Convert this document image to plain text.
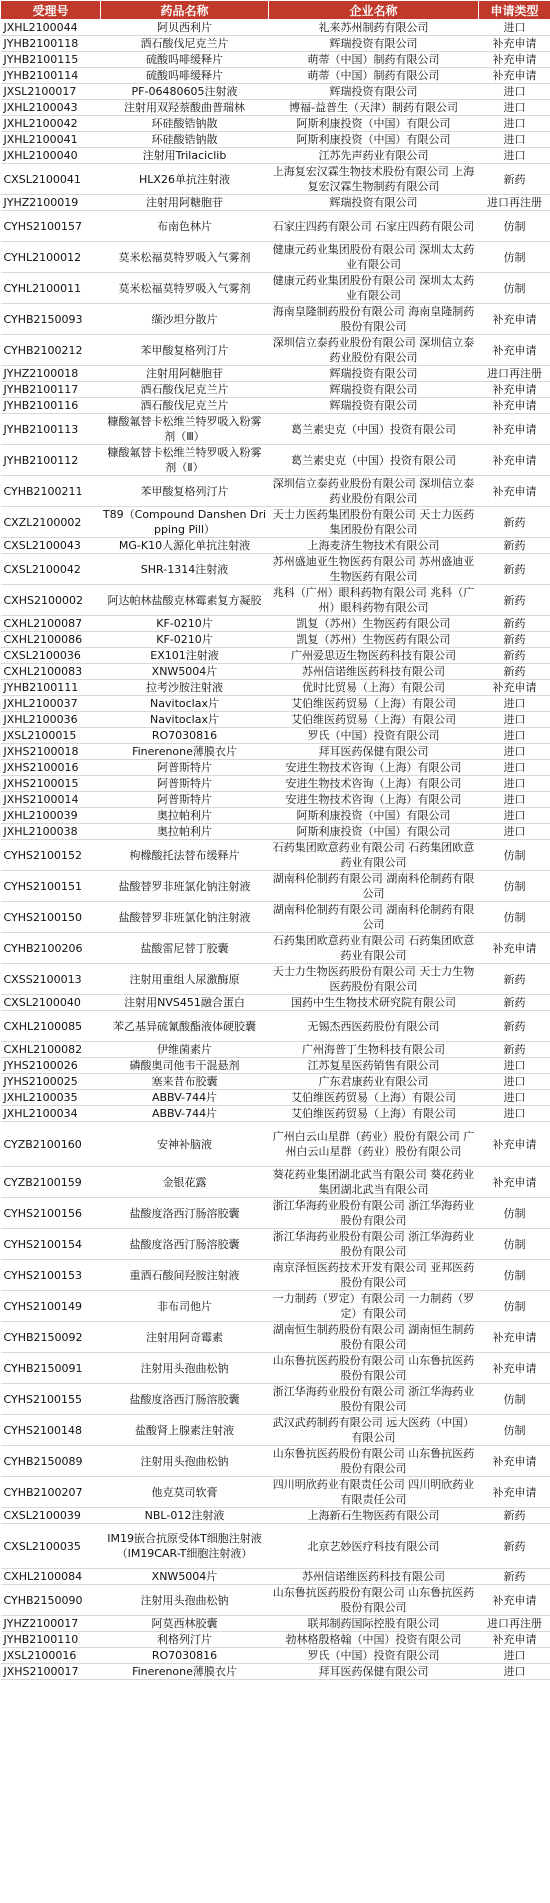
受理号	药品名称	企业名称	申请类型
JXHL2100044	阿贝西利片	礼来苏州制药有限公司	进口
JYHB2100118	酒石酸伐尼克兰片	辉瑞投资有限公司	补充申请
JYHB2100115	硫酸吗啡缓释片	萌蒂（中国）制药有限公司	补充申请
JYHB2100114	硫酸吗啡缓释片	萌蒂（中国）制药有限公司	补充申请
JXSL2100017	PF-06480605注射液	辉瑞投资有限公司	进口
JXHL2100043	注射用双羟萘酸曲普瑞林	博福-益普生（天津）制药有限公司	进口
JXHL2100042	环硅酸锆钠散	阿斯利康投资（中国）有限公司	进口
JXHL2100041	环硅酸锆钠散	阿斯利康投资（中国）有限公司	进口
JXHL2100040	注射用Trilaciclib	江苏先声药业有限公司	进口
CXSL2100041	HLX26单抗注射液	上海复宏汉霖生物技术股份有限公司 上海复宏汉霖生物制药有限公司	新药
JYHZ2100019	注射用阿糖胞苷	辉瑞投资有限公司	进口再注册
CYHS2100157	布南色林片	石家庄四药有限公司 石家庄四药有限公司	仿制
CYHL2100012	莫米松福莫特罗吸入气雾剂	健康元药业集团股份有限公司 深圳太太药业有限公司	仿制
CYHL2100011	莫米松福莫特罗吸入气雾剂	健康元药业集团股份有限公司 深圳太太药业有限公司	仿制
CYHB2150093	缬沙坦分散片	海南皇隆制药股份有限公司 海南皇隆制药股份有限公司	补充申请
CYHB2100212	苯甲酸复格列汀片	深圳信立泰药业股份有限公司 深圳信立泰药业股份有限公司	补充申请
JYHZ2100018	注射用阿糖胞苷	辉瑞投资有限公司	进口再注册
JYHB2100117	酒石酸伐尼克兰片	辉瑞投资有限公司	补充申请
JYHB2100116	酒石酸伐尼克兰片	辉瑞投资有限公司	补充申请
JYHB2100113	糠酸氟替卡松维兰特罗吸入粉雾剂（Ⅲ）	葛兰素史克（中国）投资有限公司	补充申请
JYHB2100112	糠酸氟替卡松维兰特罗吸入粉雾剂（Ⅱ）	葛兰素史克（中国）投资有限公司	补充申请
CYHB2100211	苯甲酸复格列汀片	深圳信立泰药业股份有限公司 深圳信立泰药业股份有限公司	补充申请
CXZL2100002	T89（Compound Danshen Dripping Pill）	天士力医药集团股份有限公司 天士力医药集团股份有限公司	新药
CXSL2100043	MG-K10人源化单抗注射液	上海麦济生物技术有限公司	新药
CXSL2100042	SHR-1314注射液	苏州盛迪亚生物医药有限公司 苏州盛迪亚生物医药有限公司	新药
CXHS2100002	阿达帕林盐酸克林霉素复方凝胶	兆科（广州）眼科药物有限公司 兆科（广州）眼科药物有限公司	新药
CXHL2100087	KF-0210片	凯复（苏州）生物医药有限公司	新药
CXHL2100086	KF-0210片	凯复（苏州）生物医药有限公司	新药
CXSL2100036	EX101注射液	广州爱思迈生物医药科技有限公司	新药
CXHL2100083	XNW5004片	苏州信诺维医药科技有限公司	新药
JYHB2100111	拉考沙胺注射液	优时比贸易（上海）有限公司	补充申请
JXHL2100037	Navitoclax片	艾伯维医药贸易（上海）有限公司	进口
JXHL2100036	Navitoclax片	艾伯维医药贸易（上海）有限公司	进口
JXSL2100015	RO7030816	罗氏（中国）投资有限公司	进口
JXHS2100018	Finerenone薄膜衣片	拜耳医药保健有限公司	进口
JXHS2100016	阿普斯特片	安进生物技术咨询（上海）有限公司	进口
JXHS2100015	阿普斯特片	安进生物技术咨询（上海）有限公司	进口
JXHS2100014	阿普斯特片	安进生物技术咨询（上海）有限公司	进口
JXHL2100039	奥拉帕利片	阿斯利康投资（中国）有限公司	进口
JXHL2100038	奥拉帕利片	阿斯利康投资（中国）有限公司	进口
CYHS2100152	枸橼酸托法替布缓释片	石药集团欧意药业有限公司 石药集团欧意药业有限公司	仿制
CYHS2100151	盐酸替罗非班氯化钠注射液	湖南科伦制药有限公司 湖南科伦制药有限公司	仿制
CYHS2100150	盐酸替罗非班氯化钠注射液	湖南科伦制药有限公司 湖南科伦制药有限公司	仿制
CYHB2100206	盐酸雷尼替丁胶囊	石药集团欧意药业有限公司 石药集团欧意药业有限公司	补充申请
CXSS2100013	注射用重组人尿激酶原	天士力生物医药股份有限公司 天士力生物医药股份有限公司	新药
CXSL2100040	注射用NVS451融合蛋白	国药中生生物技术研究院有限公司	新药
CXHL2100085	苯乙基异硫氰酸酯液体硬胶囊	无锡杰西医药股份有限公司	新药
CXHL2100082	伊维菌素片	广州海普丁生物科技有限公司	新药
JYHS2100026	磷酸奥司他韦干混悬剂	江苏复星医药销售有限公司	进口
JYHS2100025	塞来昔布胶囊	广东君康药业有限公司	进口
JXHL2100035	ABBV-744片	艾伯维医药贸易（上海）有限公司	进口
JXHL2100034	ABBV-744片	艾伯维医药贸易（上海）有限公司	进口
CYZB2100160	安神补脑液	广州白云山星群（药业）股份有限公司 广州白云山星群（药业）股份有限公司	补充申请
CYZB2100159	金银花露	葵花药业集团湖北武当有限公司 葵花药业集团湖北武当有限公司	补充申请
CYHS2100156	盐酸度洛西汀肠溶胶囊	浙江华海药业股份有限公司 浙江华海药业股份有限公司	仿制
CYHS2100154	盐酸度洛西汀肠溶胶囊	浙江华海药业股份有限公司 浙江华海药业股份有限公司	仿制
CYHS2100153	重酒石酸间羟胺注射液	南京泽恒医药技术开发有限公司 亚邦医药股份有限公司	仿制
CYHS2100149	非布司他片	一力制药（罗定）有限公司 一力制药（罗定）有限公司	仿制
CYHB2150092	注射用阿奇霉素	湖南恒生制药股份有限公司 湖南恒生制药股份有限公司	补充申请
CYHB2150091	注射用头孢曲松钠	山东鲁抗医药股份有限公司 山东鲁抗医药股份有限公司	补充申请
CYHS2100155	盐酸度洛西汀肠溶胶囊	浙江华海药业股份有限公司 浙江华海药业股份有限公司	仿制
CYHS2100148	盐酸肾上腺素注射液	武汉武药制药有限公司 远大医药（中国）有限公司	仿制
CYHB2150089	注射用头孢曲松钠	山东鲁抗医药股份有限公司 山东鲁抗医药股份有限公司	补充申请
CYHB2100207	他克莫司软膏	四川明欣药业有限责任公司 四川明欣药业有限责任公司	补充申请
CXSL2100039	NBL-012注射液	上海新石生物医药有限公司	新药
CXSL2100035	IM19嵌合抗原受体T细胞注射液（IM19CAR-T细胞注射液）	北京艺妙医疗科技有限公司	新药
CXHL2100084	XNW5004片	苏州信诺维医药科技有限公司	新药
CYHB2150090	注射用头孢曲松钠	山东鲁抗医药股份有限公司 山东鲁抗医药股份有限公司	补充申请
JYHZ2100017	阿莫西林胶囊	联邦制药国际控股有限公司	进口再注册
JYHB2100110	利格列汀片	勃林格殷格翰（中国）投资有限公司	补充申请
JXSL2100016	RO7030816	罗氏（中国）投资有限公司	进口
JXHS2100017	Finerenone薄膜衣片	拜耳医药保健有限公司	进口
